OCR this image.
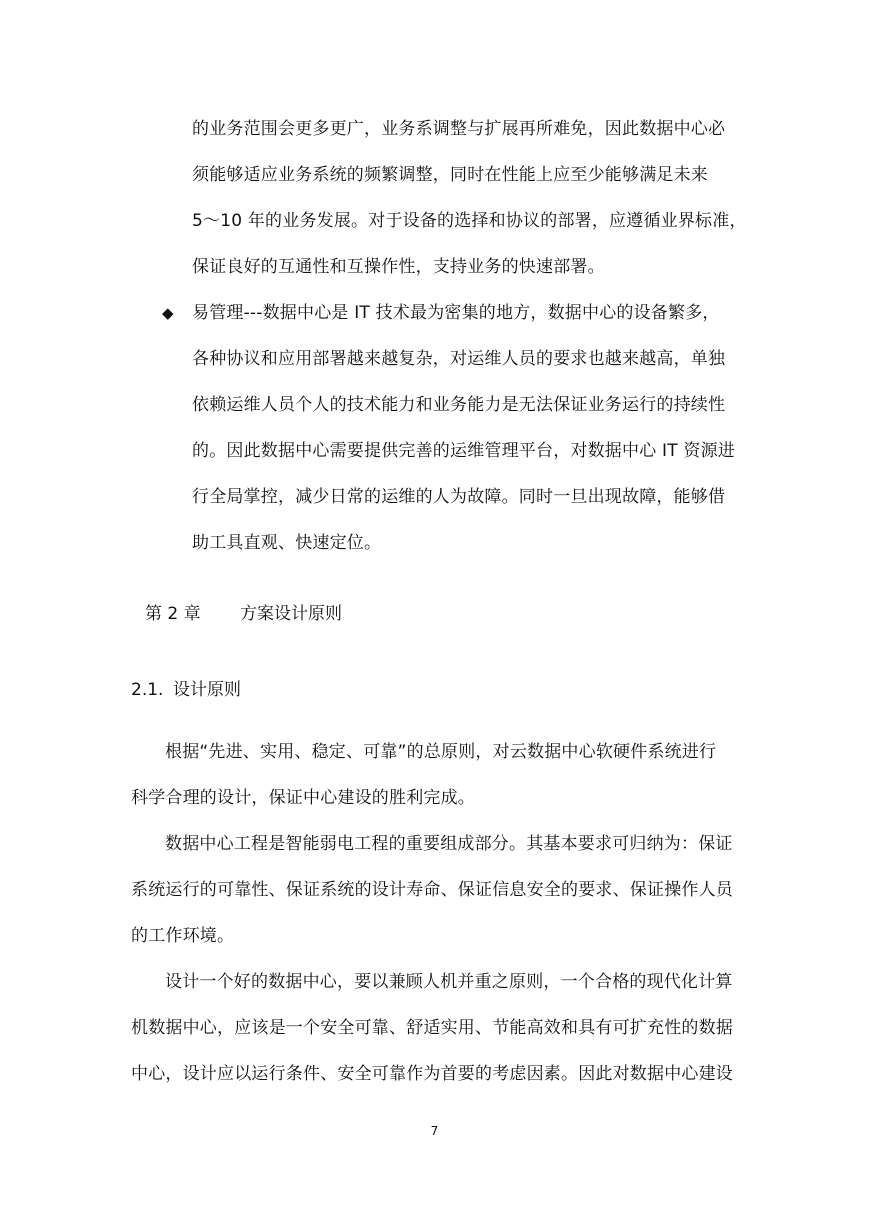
的业务范围会更多更广，业务系调整与扩展再所难免，因此数据中心必
须能够适应业务系统的频繁调整，同时在性能上应至少能够满足未来
5～10 年的业务发展。对于设备的选择和协议的部署，应遵循业界标准，
保证良好的互通性和互操作性，支持业务的快速部署。
◆ 易管理---数据中心是 IT 技术最为密集的地方，数据中心的设备繁多，
各种协议和应用部署越来越复杂，对运维人员的要求也越来越高，单独
依赖运维人员个人的技术能力和业务能力是无法保证业务运行的持续性
的。因此数据中心需要提供完善的运维管理平台，对数据中心 IT 资源进
行全局掌控，减少日常的运维的人为故障。同时一旦出现故障，能够借
助工具直观、快速定位。
第 2 章 方案设计原则
2.1. 设计原则
根据“先进、实用、稳定、可靠”的总原则，对云数据中心软硬件系统进行
科学合理的设计，保证中心建设的胜利完成。
数据中心工程是智能弱电工程的重要组成部分。其基本要求可归纳为：保证
系统运行的可靠性、保证系统的设计寿命、保证信息安全的要求、保证操作人员
的工作环境。
设计一个好的数据中心，要以兼顾人机并重之原则，一个合格的现代化计算
机数据中心，应该是一个安全可靠、舒适实用、节能高效和具有可扩充性的数据
中心，设计应以运行条件、安全可靠作为首要的考虑因素。因此对数据中心建设
7
